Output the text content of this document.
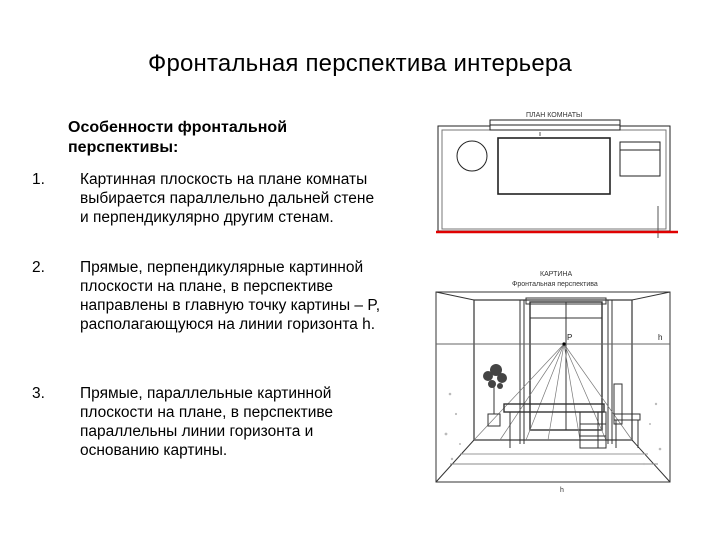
Фронтальная перспектива интерьера
Особенности фронтальной перспективы:
1.	Картинная плоскость на плане комнаты выбирается параллельно дальней стене и перпендикулярно другим стенам.
2.	Прямые, перпендикулярные картинной плоскости на плане, в перспективе направлены в главную точку картины – P, располагающуюся на линии горизонта h.
3.	Прямые, параллельные картинной плоскости на плане, в перспективе параллельны линии горизонта и основанию картины.
ПЛАН КОМНАТЫ
КАРТИНА
Фронтальная перспектива
P	h
h
